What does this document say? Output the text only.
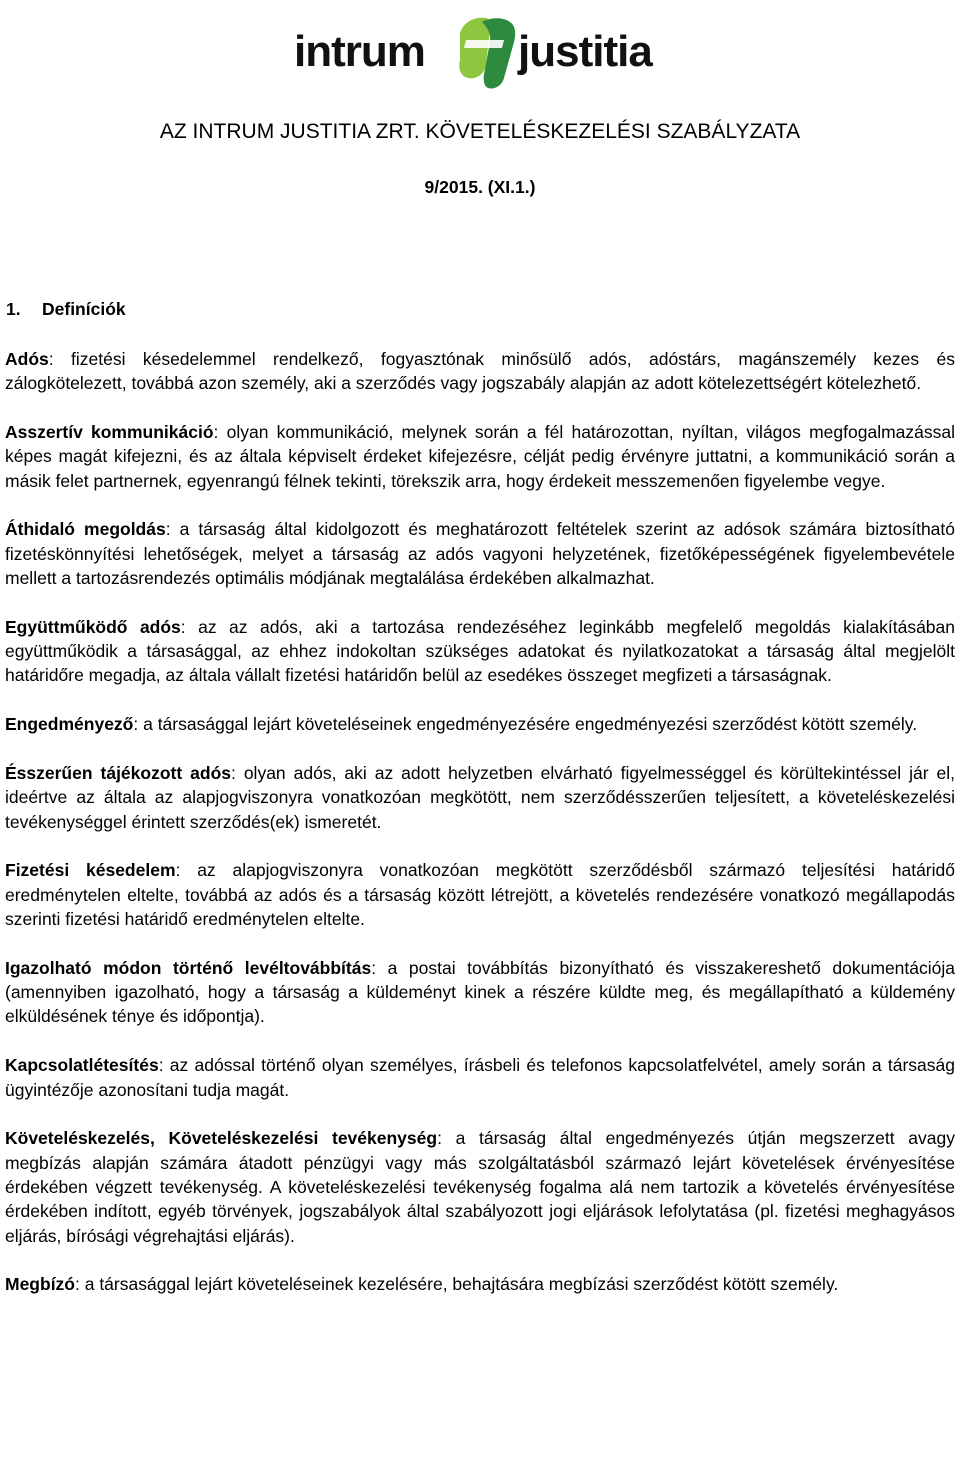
intrum justitia
AZ INTRUM JUSTITIA ZRT. KÖVETELÉSKEZELÉSI SZABÁLYZATA

9/2015. (XI.1.)

1. Definíciók

Adós: fizetési késedelemmel rendelkező, fogyasztónak minősülő adós, adóstárs, magánszemély kezes és zálogkötelezett, továbbá azon személy, aki a szerződés vagy jogszabály alapján az adott kötelezettségért kötelezhető.

Asszertív kommunikáció: olyan kommunikáció, melynek során a fél határozottan, nyíltan, világos megfogalmazással képes magát kifejezni, és az általa képviselt érdeket kifejezésre, célját pedig érvényre juttatni, a kommunikáció során a másik felet partnernek, egyenrangú félnek tekinti, törekszik arra, hogy érdekeit messzemenően figyelembe vegye.

Áthidaló megoldás: a társaság által kidolgozott és meghatározott feltételek szerint az adósok számára biztosítható fizetéskönnyítési lehetőségek, melyet a társaság az adós vagyoni helyzetének, fizetőképességének figyelembevétele mellett a tartozásrendezés optimális módjának megtalálása érdekében alkalmazhat.

Együttműködő adós: az az adós, aki a tartozása rendezéséhez leginkább megfelelő megoldás kialakításában együttműködik a társasággal, az ehhez indokoltan szükséges adatokat és nyilatkozatokat a társaság által megjelölt határidőre megadja, az általa vállalt fizetési határidőn belül az esedékes összeget megfizeti a társaságnak.

Engedményező: a társasággal lejárt követeléseinek engedményezésére engedményezési szerződést kötött személy.

Ésszerűen tájékozott adós: olyan adós, aki az adott helyzetben elvárható figyelmességgel és körültekintéssel jár el, ideértve az általa az alapjogviszonyra vonatkozóan megkötött, nem szerződésszerűen teljesített, a követeléskezelési tevékenységgel érintett szerződés(ek) ismeretét.

Fizetési késedelem: az alapjogviszonyra vonatkozóan megkötött szerződésből származó teljesítési határidő eredménytelen eltelte, továbbá az adós és a társaság között létrejött, a követelés rendezésére vonatkozó megállapodás szerinti fizetési határidő eredménytelen eltelte.

Igazolható módon történő levéltovábbítás: a postai továbbítás bizonyítható és visszakereshető dokumentációja (amennyiben igazolható, hogy a társaság a küldeményt kinek a részére küldte meg, és megállapítható a küldemény elküldésének ténye és időpontja).

Kapcsolatlétesítés: az adóssal történő olyan személyes, írásbeli és telefonos kapcsolatfelvétel, amely során a társaság ügyintézője azonosítani tudja magát.

Követeléskezelés, Követeléskezelési tevékenység: a társaság által engedményezés útján megszerzett avagy megbízás alapján számára átadott pénzügyi vagy más szolgáltatásból származó lejárt követelések érvényesítése érdekében végzett tevékenység. A követeléskezelési tevékenység fogalma alá nem tartozik a követelés érvényesítése érdekében indított, egyéb törvények, jogszabályok által szabályozott jogi eljárások lefolytatása (pl. fizetési meghagyásos eljárás, bírósági végrehajtási eljárás).

Megbízó: a társasággal lejárt követeléseinek kezelésére, behajtására megbízási szerződést kötött személy.
